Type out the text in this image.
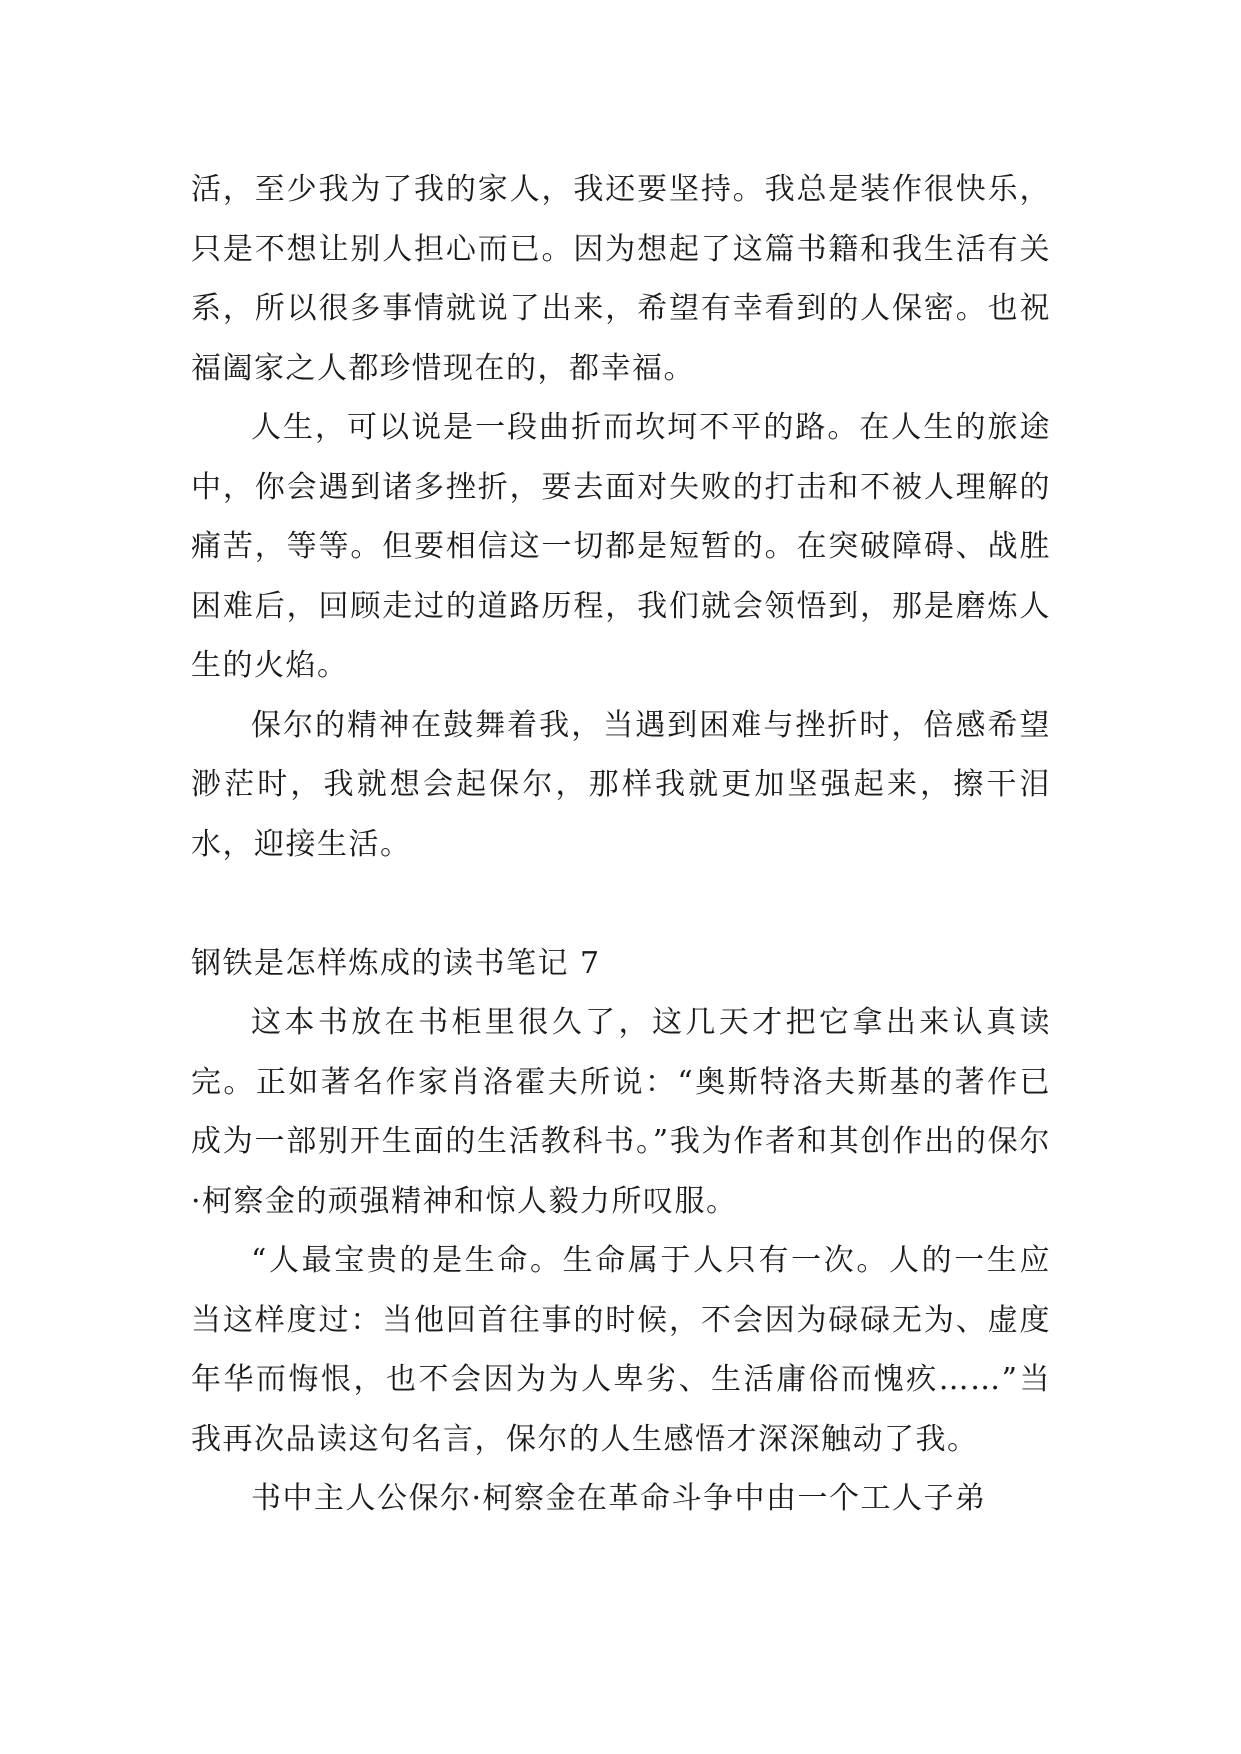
活，至少我为了我的家人，我还要坚持。我总是装作很快乐，只是不想让别人担心而已。因为想起了这篇书籍和我生活有关系，所以很多事情就说了出来，希望有幸看到的人保密。也祝福阖家之人都珍惜现在的，都幸福。

人生，可以说是一段曲折而坎坷不平的路。在人生的旅途中，你会遇到诸多挫折，要去面对失败的打击和不被人理解的痛苦，等等。但要相信这一切都是短暂的。在突破障碍、战胜困难后，回顾走过的道路历程，我们就会领悟到，那是磨炼人生的火焰。

保尔的精神在鼓舞着我，当遇到困难与挫折时，倍感希望渺茫时，我就想会起保尔，那样我就更加坚强起来，擦干泪水，迎接生活。

钢铁是怎样炼成的读书笔记 7

这本书放在书柜里很久了，这几天才把它拿出来认真读完。正如著名作家肖洛霍夫所说：“奥斯特洛夫斯基的著作已成为一部别开生面的生活教科书。”我为作者和其创作出的保尔·柯察金的顽强精神和惊人毅力所叹服。

“人最宝贵的是生命。生命属于人只有一次。人的一生应当这样度过：当他回首往事的时候，不会因为碌碌无为、虚度年华而悔恨，也不会因为为人卑劣、生活庸俗而愧疚……”当我再次品读这句名言，保尔的人生感悟才深深触动了我。

书中主人公保尔·柯察金在革命斗争中由一个工人子弟
